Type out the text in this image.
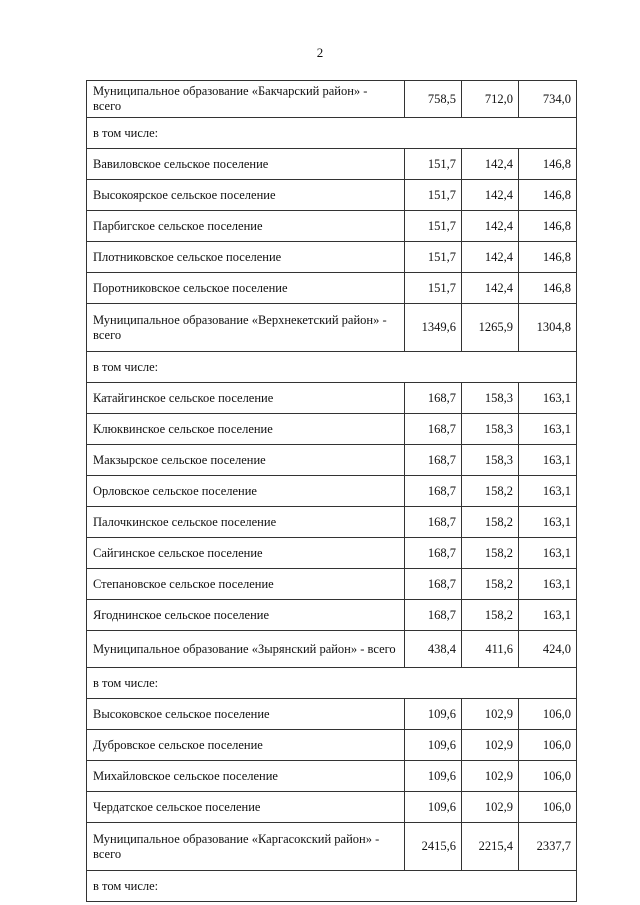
2
Муниципальное образование «Бакчарский район» - всего	758,5	712,0	734,0
в том числе:			
Вавиловское сельское поселение	151,7	142,4	146,8
Высокоярское сельское поселение	151,7	142,4	146,8
Парбигское сельское поселение	151,7	142,4	146,8
Плотниковское сельское поселение	151,7	142,4	146,8
Поротниковское сельское поселение	151,7	142,4	146,8
Муниципальное образование «Верхнекетский район» - всего	1349,6	1265,9	1304,8
в том числе:			
Катайгинское сельское поселение	168,7	158,3	163,1
Клюквинское сельское поселение	168,7	158,3	163,1
Макзырское сельское поселение	168,7	158,3	163,1
Орловское сельское поселение	168,7	158,2	163,1
Палочкинское сельское поселение	168,7	158,2	163,1
Сайгинское сельское поселение	168,7	158,2	163,1
Степановское сельское поселение	168,7	158,2	163,1
Ягоднинское сельское поселение	168,7	158,2	163,1
Муниципальное образование «Зырянский район» - всего	438,4	411,6	424,0
в том числе:			
Высоковское сельское поселение	109,6	102,9	106,0
Дубровское сельское поселение	109,6	102,9	106,0
Михайловское сельское поселение	109,6	102,9	106,0
Чердатское сельское поселение	109,6	102,9	106,0
Муниципальное образование «Каргасокский район» - всего	2415,6	2215,4	2337,7
в том числе:			
